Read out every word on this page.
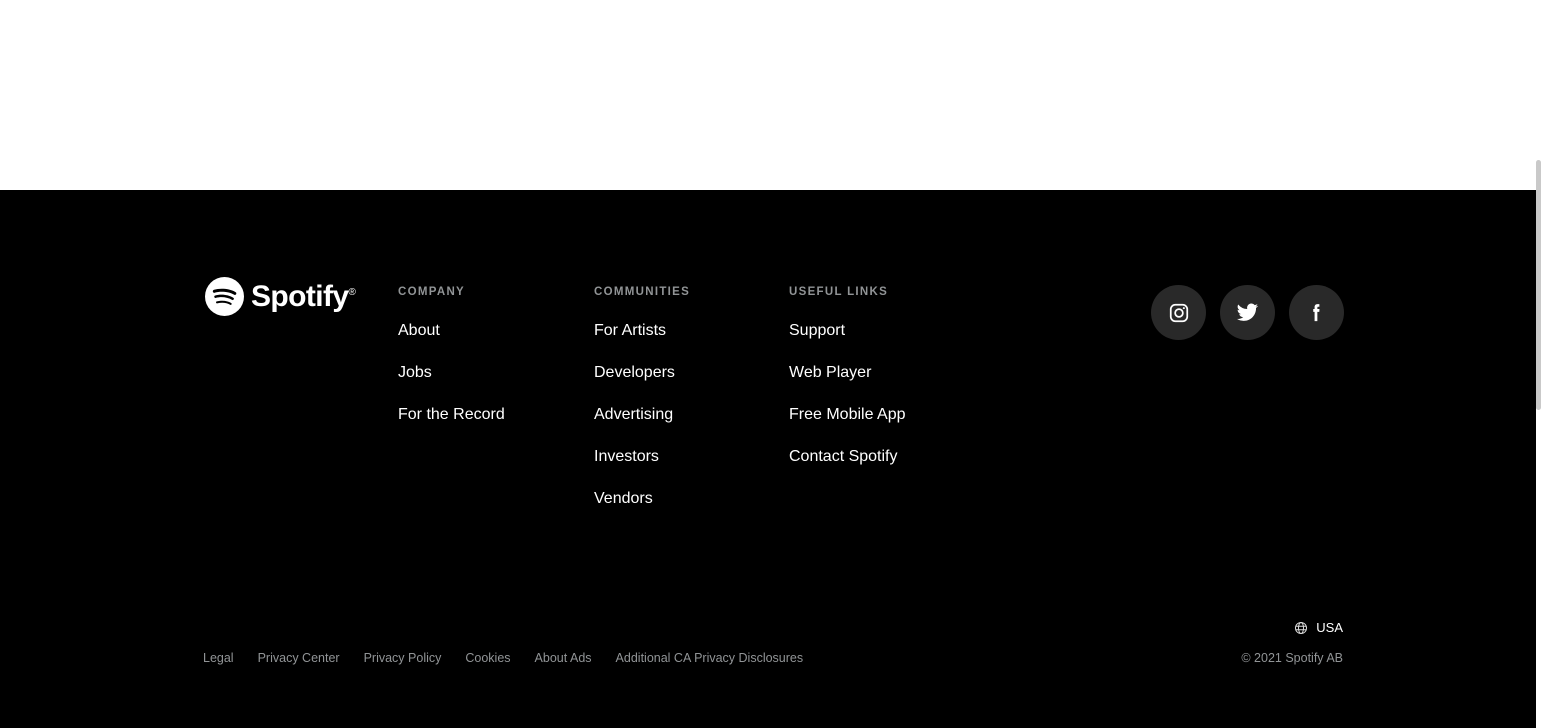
Spotify®	COMPANY
About
Jobs
For the Record
COMMUNITIES
For Artists
Developers
Advertising
Investors
Vendors
USEFUL LINKS
Support
Web Player
Free Mobile App
Contact Spotify
USA
Legal Privacy Center Privacy Policy Cookies About Ads Additional CA Privacy Disclosures	© 2021 Spotify AB
